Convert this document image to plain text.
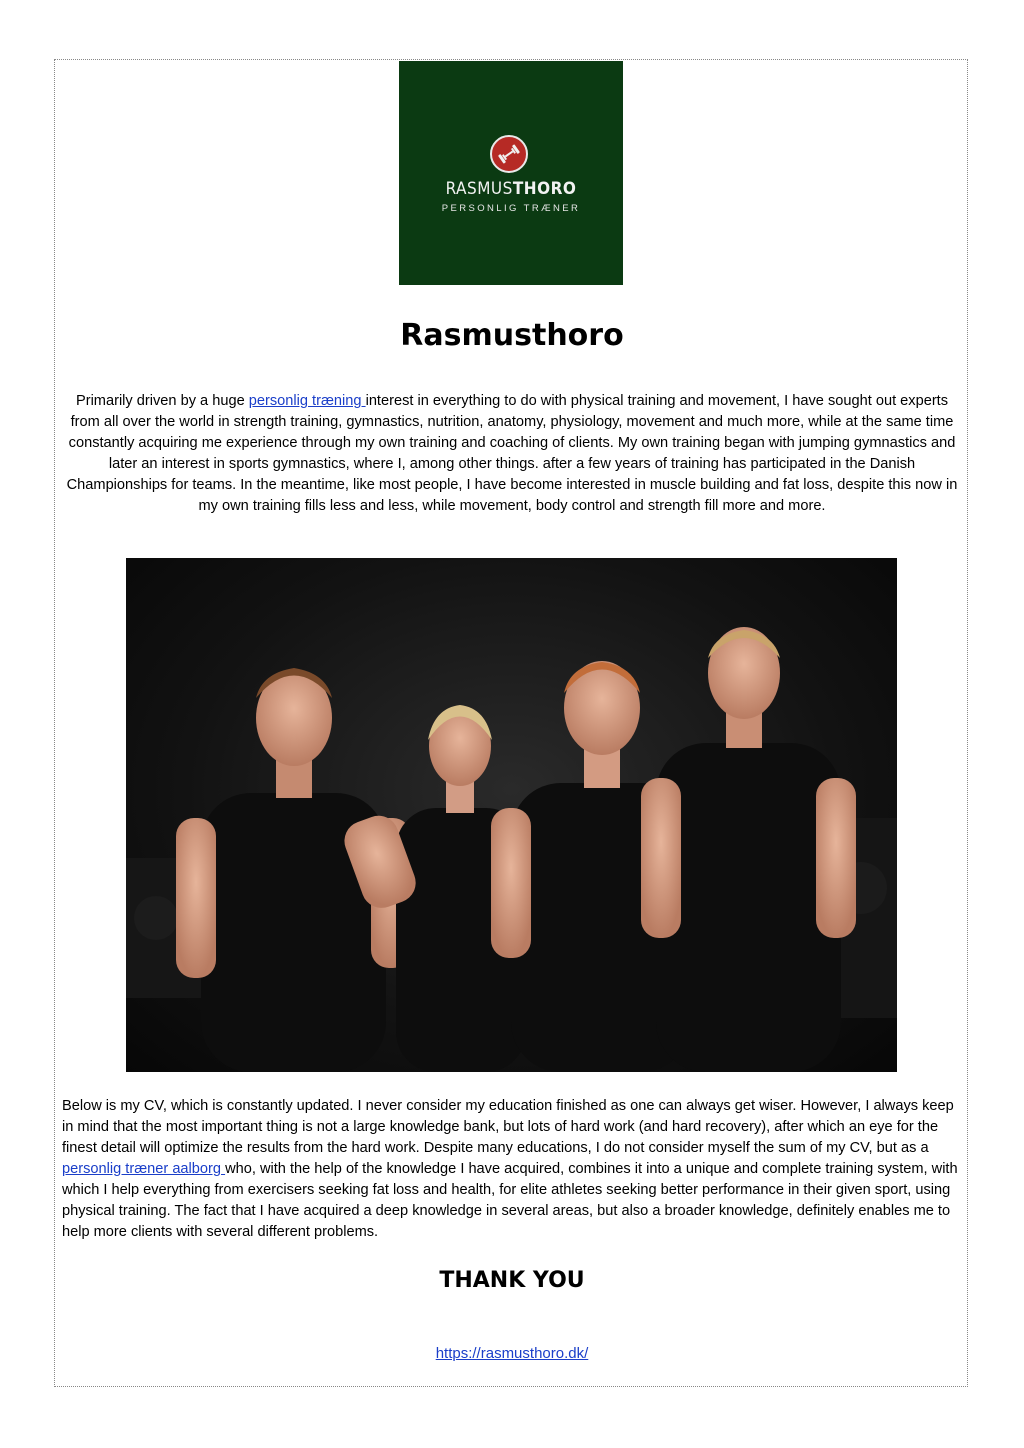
RASMUSTHORO
PERSONLIG TRÆNER
Rasmusthoro

Primarily driven by a huge personlig træning interest in everything to do with physical training and movement, I have sought out experts from all over the world in strength training, gymnastics, nutrition, anatomy, physiology, movement and much more, while at the same time constantly acquiring me experience through my own training and coaching of clients. My own training began with jumping gymnastics and later an interest in sports gymnastics, where I, among other things. after a few years of training has participated in the Danish Championships for teams. In the meantime, like most people, I have become interested in muscle building and fat loss, despite this now in my own training fills less and less, while movement, body control and strength fill more and more.

Below is my CV, which is constantly updated. I never consider my education finished as one can always get wiser. However, I always keep in mind that the most important thing is not a large knowledge bank, but lots of hard work (and hard recovery), after which an eye for the finest detail will optimize the results from the hard work. Despite many educations, I do not consider myself the sum of my CV, but as a personlig træner aalborg who, with the help of the knowledge I have acquired, combines it into a unique and complete training system, with which I help everything from exercisers seeking fat loss and health, for elite athletes seeking better performance in their given sport, using physical training. The fact that I have acquired a deep knowledge in several areas, but also a broader knowledge, definitely enables me to help more clients with several different problems.

THANK YOU
https://rasmusthoro.dk/
